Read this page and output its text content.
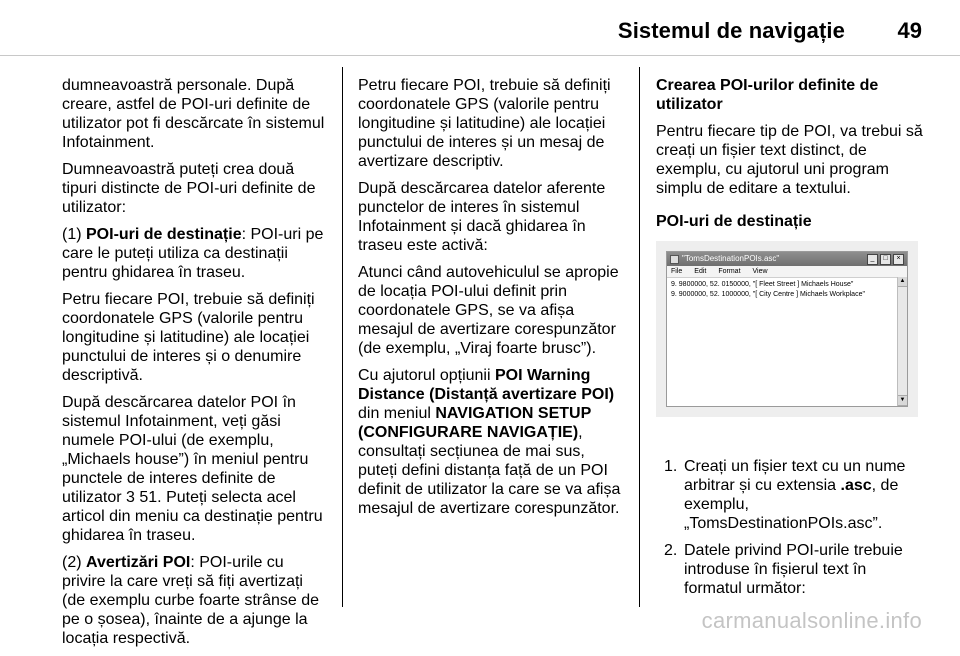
Sistemul de navigație 49

dumneavoastră personale. După creare, astfel de POI-uri definite de utilizator pot fi descărcate în sistemul Infotainment.

Dumneavoastră puteți crea două tipuri distincte de POI-uri definite de utilizator:

(1) POI-uri de destinație: POI-uri pe care le puteți utiliza ca destinații pentru ghidarea în traseu.

Petru fiecare POI, trebuie să definiți coordonatele GPS (valorile pentru longitudine și latitudine) ale locației punctului de interes și o denumire descriptivă.

După descărcarea datelor POI în sistemul Infotainment, veți găsi numele POI-ului (de exemplu, „Michaels house”) în meniul pentru punctele de interes definite de utilizator 3 51. Puteți selecta acel articol din meniu ca destinație pentru ghidarea în traseu.

(2) Avertizări POI: POI-urile cu privire la care vreți să fiți avertizați (de exemplu curbe foarte strânse de pe o șosea), înainte de a ajunge la locația respectivă.

Petru fiecare POI, trebuie să definiți coordonatele GPS (valorile pentru longitudine și latitudine) ale locației punctului de interes și un mesaj de avertizare descriptiv.

După descărcarea datelor aferente punctelor de interes în sistemul Infotainment și dacă ghidarea în traseu este activă:

Atunci când autovehiculul se apropie de locația POI-ului definit prin coordonatele GPS, se va afișa mesajul de avertizare corespunzător (de exemplu, „Viraj foarte brusc”).

Cu ajutorul opțiunii POI Warning Distance (Distanță avertizare POI) din meniul NAVIGATION SETUP (CONFIGURARE NAVIGAȚIE), consultați secțiunea de mai sus, puteți defini distanța față de un POI definit de utilizator la care se va afișa mesajul de avertizare corespunzător.

Crearea POI-urilor definite de utilizator

Pentru fiecare tip de POI, va trebui să creați un fișier text distinct, de exemplu, cu ajutorul uni program simplu de editare a textului.

POI-uri de destinație

"TomsDestinationPOIs.asc"	_	□	×
File Edit Format View
9. 9800000, 52. 0150000, "[ Fleet Street ] Michaels House"
9. 9000000, 52. 1000000, "[ City Centre ] Michaels Workplace"
▲
▼
1. Creați un fișier text cu un nume arbitrar și cu extensia .asc, de exemplu, „TomsDestinationPOIs.asc”.
2. Datele privind POI-urile trebuie introduse în fișierul text în formatul următor:
carmanualsonline.info
